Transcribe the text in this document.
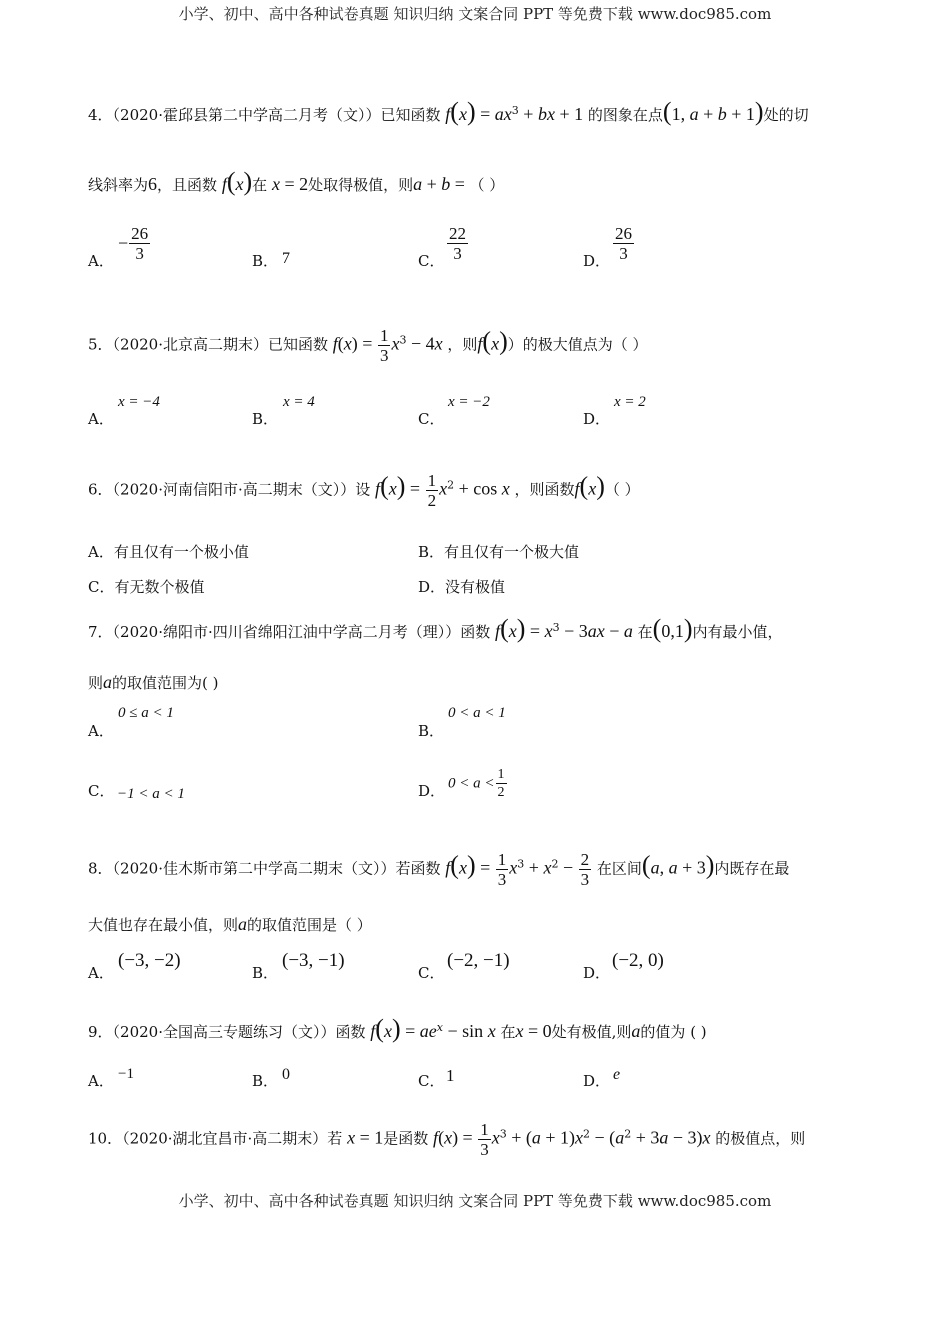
小学、初中、高中各种试卷真题 知识归纳 文案合同 PPT 等免费下载 www.doc985.com
4．（2020·霍邱县第二中学高二月考（文））已知函数 $f(x) = ax^3$ + bx + 1 的图象在点(1, a + b + 1)处的切
线斜率为6，且函数 f(x)在 x = 2处取得极值，则a + b = （ ）
A．
− $\frac{26}{3}$	B． 7	C． $\frac{22}{3}$	D． $\frac{26}{3}$
5．（2020·北京高二期末）已知函数 $f(x) = \frac{1}{3} x^3 - 4x$ ，则f(x)）的极大值点为（ ）
A．
x = −4
B．
x = 4
C．
x = −2
D．
x = 2
6．（2020·河南信阳市·高二期末（文））设 $f(x) = \frac{1}{2} x^2 + \cos x$ ，则函数f(x)（ ）
A．有且仅有一个极小值	B．有且仅有一个极大值
C．有无数个极值	D．没有极值
7．（2020·绵阳市·四川省绵阳江油中学高二月考（理））函数 $f(x) = x^3 - 3ax - a$ 在(0,1)内有最小值，
则a的取值范围为( )
A．
0 ≤ a < 1
B．
0 < a < 1
C． −1 < a < 1	D． $0 < a < \frac{1}{2}$
8．（2020·佳木斯市第二中学高二期末（文））若函数 $f(x) = \frac{1}{3} x^3 + x^2 - \frac{2}{3}$ 在区间(a, a + 3)内既存在最
大值也存在最小值，则a的取值范围是（ ）
A．
(−3, −2)
B．
(−3, −1)
C．
(−2, −1)
D．
(−2, 0)
9．（2020·全国高三专题练习（文））函数 $f(x) = ae^x - \sin x$ 在x = 0处有极值,则a的值为 ( )
A． −1	B． 0	C． 1	D． e
10．（2020·湖北宜昌市·高二期末）若 x = 1是函数 $f(x) = \frac{1}{3} x^3 + (a + 1)x^2 - (a^2 + 3a - 3)x$ 的极值点，则
小学、初中、高中各种试卷真题 知识归纳 文案合同 PPT 等免费下载 www.doc985.com
